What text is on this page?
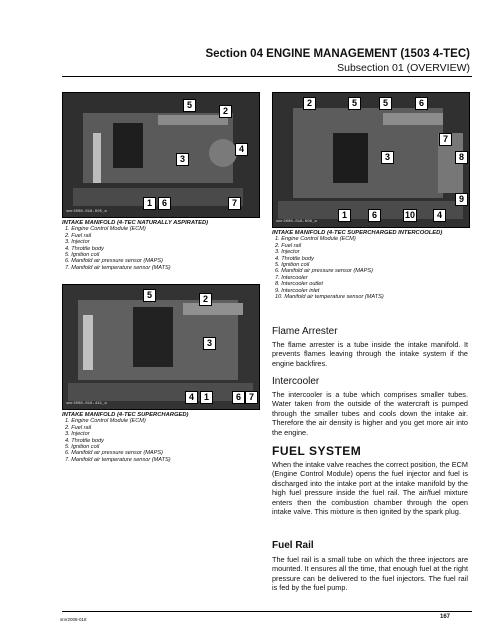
Section 04 ENGINE MANAGEMENT (1503 4-TEC)
Subsection 01 (OVERVIEW)
5
2
3
4
1	6	7
smr2008-018-005_a
INTAKE MANIFOLD (4-TEC NATURALLY ASPIRATED)
1. Engine Control Module (ECM)
2. Fuel rail
3. Injector
4. Throttle body
5. Ignition coil
6. Manifold air pressure sensor (MAPS)
7. Manifold air temperature sensor (MATS)
5	2
3
4	1	6 7
smr2008-018-441_a
INTAKE MANIFOLD (4-TEC SUPERCHARGED)
1. Engine Control Module (ECM)
2. Fuel rail
3. Injector
4. Throttle body
5. Ignition coil
6. Manifold air pressure sensor (MAPS)
7. Manifold air temperature sensor (MATS)
2	5	5	6
3
7
8
9
4
1	6	10
smr2008-018-006_a
INTAKE MANIFOLD (4-TEC SUPERCHARGED INTERCOOLED)
1. Engine Control Module (ECM)
2. Fuel rail
3. Injector
4. Throttle body
5. Ignition coil
6. Manifold air pressure sensor (MAPS)
7. Intercooler
8. Intercooler outlet
9. Intercooler inlet
10. Manifold air temperature sensor (MATS)
Flame Arrester
The flame arrester is a tube inside the intake manifold. It prevents flames leaving through the intake system if the engine backfires.
Intercooler
The intercooler is a tube which comprises smaller tubes. Water taken from the outside of the watercraft is pumped through the smaller tubes and cools down the intake air. Therefore the air density is higher and you get more air into the engine.
FUEL SYSTEM
When the intake valve reaches the correct position, the ECM (Engine Control Module) opens the fuel injector and fuel is discharged into the intake port at the intake manifold by the high fuel pressure inside the fuel rail. The air/fuel mixture enters then the combustion chamber through the open intake valve. This mixture is then ignited by the spark plug.
Fuel Rail
The fuel rail is a small tube on which the three injectors are mounted. It ensures all the time, that enough fuel at the right pressure can be delivered to the fuel injectors. The fuel rail is fed by the fuel pump.
smr2008-018	167
